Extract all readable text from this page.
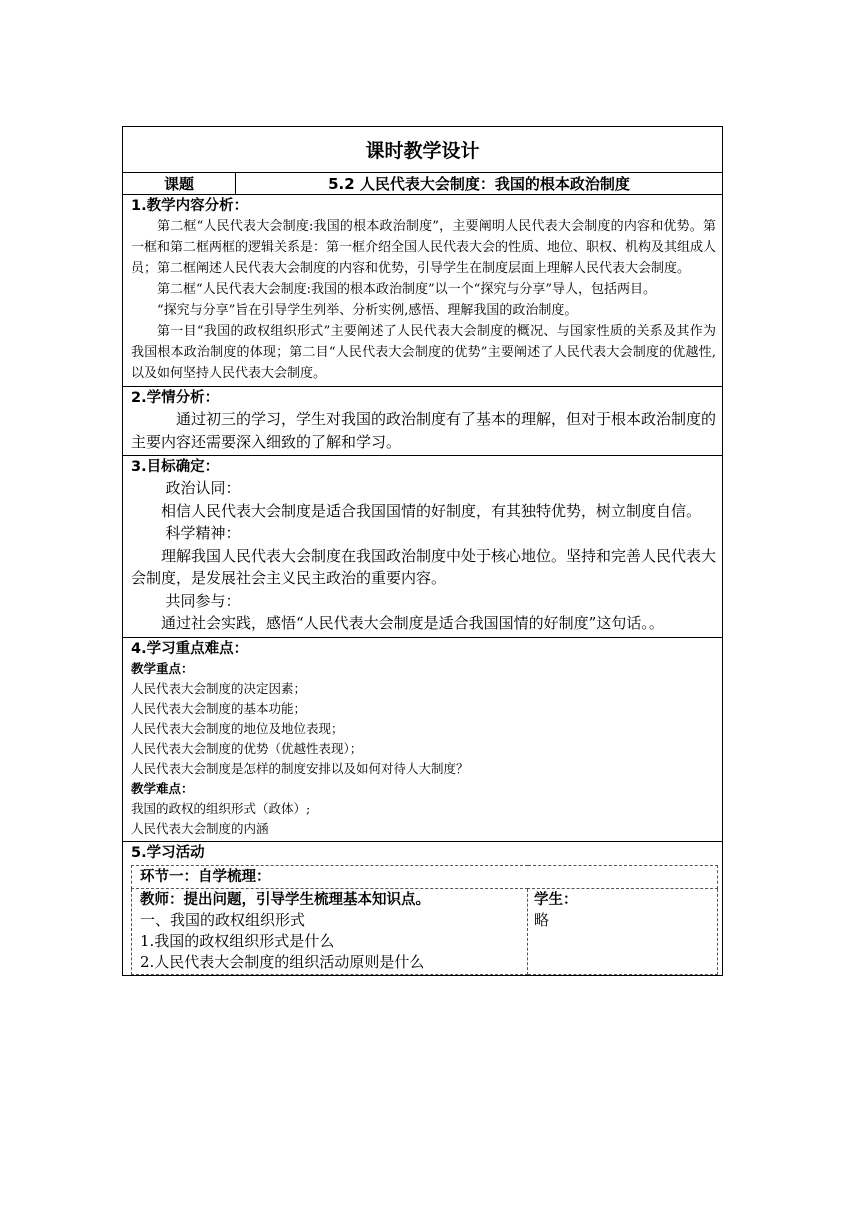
课时教学设计
课题	5.2 人民代表大会制度：我国的根本政治制度

1.教学内容分析：

第二框“人民代表大会制度:我国的根本政治制度”，主要阐明人民代表大会制度的内容和优势。第一框和第二框两框的逻辑关系是：第一框介绍全国人民代表大会的性质、地位、职权、机构及其组成人员；第二框阐述人民代表大会制度的内容和优势，引导学生在制度层面上理解人民代表大会制度。

第二框“人民代表大会制度:我国的根本政治制度”以一个“探究与分享”导人，包括两目。

“探究与分享”旨在引导学生列举、分析实例,感悟、理解我国的政治制度。

第一目“我国的政权组织形式”主要阐述了人民代表大会制度的概况、与国家性质的关系及其作为我国根本政治制度的体现；第二目“人民代表大会制度的优势”主要阐述了人民代表大会制度的优越性,以及如何坚持人民代表大会制度。

2.学情分析：

通过初三的学习，学生对我国的政治制度有了基本的理解，但对于根本政治制度的主要内容还需要深入细致的了解和学习。

3.目标确定：

政治认同：

相信人民代表大会制度是适合我国国情的好制度，有其独特优势，树立制度自信。

科学精神：

理解我国人民代表大会制度在我国政治制度中处于核心地位。坚持和完善人民代表大会制度，是发展社会主义民主政治的重要内容。

共同参与：

通过社会实践，感悟“人民代表大会制度是适合我国国情的好制度”这句话。。

4.学习重点难点：

教学重点：

人民代表大会制度的决定因素；

人民代表大会制度的基本功能；

人民代表大会制度的地位及地位表现；

人民代表大会制度的优势（优越性表现）；

人民代表大会制度是怎样的制度安排以及如何对待人大制度？

教学难点：

我国的政权的组织形式（政体）;

人民代表大会制度的内涵

5.学习活动
环节一：自学梳理：

教师：提出问题，引导学生梳理基本知识点。
一、我国的政权组织形式
1.我国的政权组织形式是什么
2.人民代表大会制度的组织活动原则是什么

学生：
略
